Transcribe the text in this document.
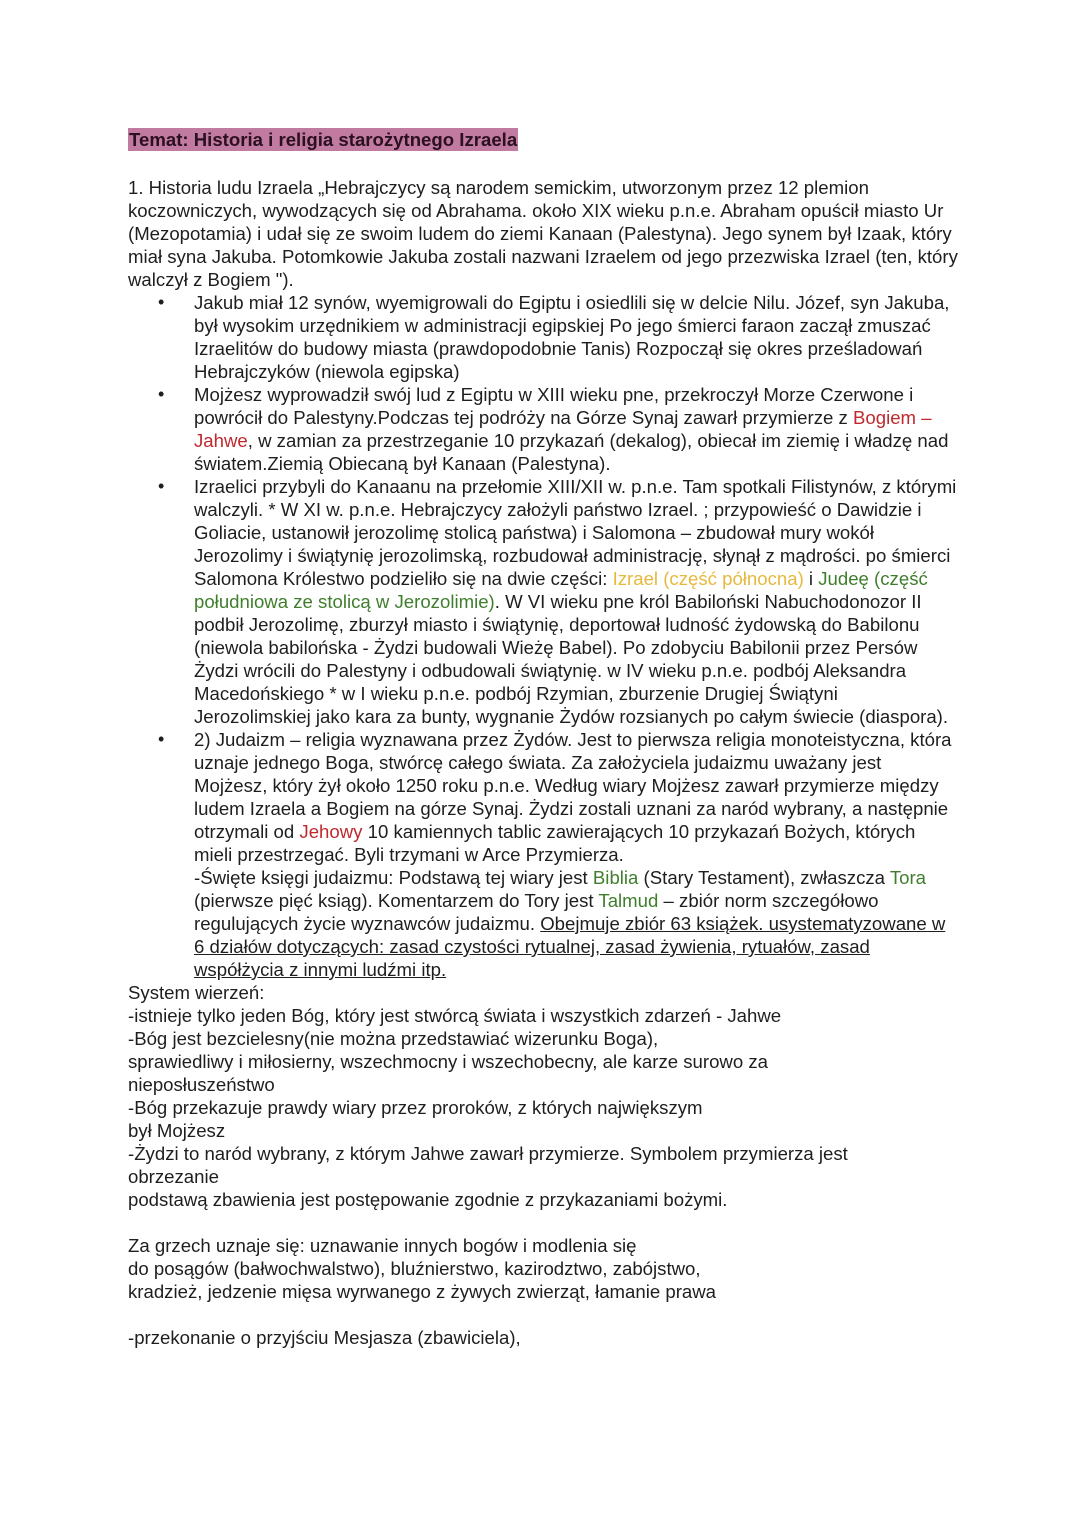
Temat: Historia i religia starożytnego Izraela

1. Historia ludu Izraela „Hebrajczycy są narodem semickim, utworzonym przez 12 plemion koczowniczych, wywodzących się od Abrahama. około XIX wieku p.n.e. Abraham opuścił miasto Ur (Mezopotamia) i udał się ze swoim ludem do ziemi Kanaan (Palestyna). Jego synem był Izaak, który miał syna Jakuba. Potomkowie Jakuba zostali nazwani Izraelem od jego przezwiska Izrael (ten, który walczył z Bogiem ").

• Jakub miał 12 synów, wyemigrowali do Egiptu i osiedlili się w delcie Nilu. Józef, syn Jakuba, był wysokim urzędnikiem w administracji egipskiej Po jego śmierci faraon zaczął zmuszać Izraelitów do budowy miasta (prawdopodobnie Tanis) Rozpoczął się okres prześladowań Hebrajczyków (niewola egipska)
• Mojżesz wyprowadził swój lud z Egiptu w XIII wieku pne, przekroczył Morze Czerwone i powrócił do Palestyny.Podczas tej podróży na Górze Synaj zawarł przymierze z Bogiem – Jahwe, w zamian za przestrzeganie 10 przykazań (dekalog), obiecał im ziemię i władzę nad światem.Ziemią Obiecaną był Kanaan (Palestyna).
• Izraelici przybyli do Kanaanu na przełomie XIII/XII w. p.n.e. Tam spotkali Filistynów, z którymi walczyli. * W XI w. p.n.e. Hebrajczycy założyli państwo Izrael. ; przypowieść o Dawidzie i Goliacie, ustanowił jerozolimę stolicą państwa) i Salomona – zbudował mury wokół Jerozolimy i świątynię jerozolimską, rozbudował administrację, słynął z mądrości. po śmierci Salomona Królestwo podzieliło się na dwie części: Izrael (część północna) i Judeę (część południowa ze stolicą w Jerozolimie). W VI wieku pne król Babiloński Nabuchodonozor II podbił Jerozolimę, zburzył miasto i świątynię, deportował ludność żydowską do Babilonu (niewola babilońska - Żydzi budowali Wieżę Babel). Po zdobyciu Babilonii przez Persów Żydzi wrócili do Palestyny i odbudowali świątynię. w IV wieku p.n.e. podbój Aleksandra Macedońskiego * w I wieku p.n.e. podbój Rzymian, zburzenie Drugiej Świątyni Jerozolimskiej jako kara za bunty, wygnanie Żydów rozsianych po całym świecie (diaspora).
• 2) Judaizm – religia wyznawana przez Żydów. Jest to pierwsza religia monoteistyczna, która uznaje jednego Boga, stwórcę całego świata. Za założyciela judaizmu uważany jest Mojżesz, który żył około 1250 roku p.n.e. Według wiary Mojżesz zawarł przymierze między ludem Izraela a Bogiem na górze Synaj. Żydzi zostali uznani za naród wybrany, a następnie otrzymali od Jehowy 10 kamiennych tablic zawierających 10 przykazań Bożych, których mieli przestrzegać. Byli trzymani w Arce Przymierza.
-Święte księgi judaizmu: Podstawą tej wiary jest Biblia (Stary Testament), zwłaszcza Tora (pierwsze pięć ksiąg). Komentarzem do Tory jest Talmud – zbiór norm szczegółowo regulujących życie wyznawców judaizmu. Obejmuje zbiór 63 książek. usystematyzowane w 6 działów dotyczących: zasad czystości rytualnej, zasad żywienia, rytuałów, zasad współżycia z innymi ludźmi itp.

System wierzeń:

-istnieje tylko jeden Bóg, który jest stwórcą świata i wszystkich zdarzeń - Jahwe

-Bóg jest bezcielesny(nie można przedstawiać wizerunku Boga),

sprawiedliwy i miłosierny, wszechmocny i wszechobecny, ale karze surowo za nieposłuszeństwo

-Bóg przekazuje prawdy wiary przez proroków, z których największym

był Mojżesz

-Żydzi to naród wybrany, z którym Jahwe zawarł przymierze. Symbolem przymierza jest obrzezanie

podstawą zbawienia jest postępowanie zgodnie z przykazaniami bożymi.

Za grzech uznaje się: uznawanie innych bogów i modlenia się

do posągów (bałwochwalstwo), bluźnierstwo, kazirodztwo, zabójstwo,

kradzież, jedzenie mięsa wyrwanego z żywych zwierząt, łamanie prawa

-przekonanie o przyjściu Mesjasza (zbawiciela),
